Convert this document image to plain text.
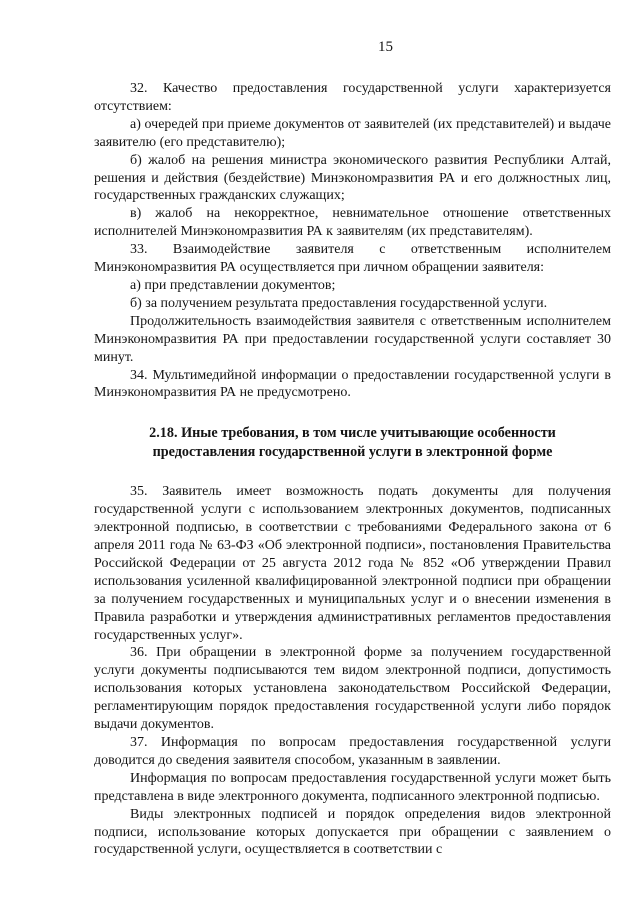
15

32. Качество предоставления государственной услуги характеризуется отсутствием:

а) очередей при приеме документов от заявителей (их представителей) и выдаче заявителю (его представителю);

б) жалоб на решения министра экономического развития Республики Алтай, решения и действия (бездействие) Минэкономразвития РА и его должностных лиц, государственных гражданских служащих;

в) жалоб на некорректное, невнимательное отношение ответственных исполнителей Минэкономразвития РА к заявителям (их представителям).

33. Взаимодействие заявителя с ответственным исполнителем Минэкономразвития РА осуществляется при личном обращении заявителя:

а) при представлении документов;

б) за получением результата предоставления государственной услуги.

Продолжительность взаимодействия заявителя с ответственным исполнителем Минэкономразвития РА при предоставлении государственной услуги составляет 30 минут.

34. Мультимедийной информации о предоставлении государственной услуги в Минэкономразвития РА не предусмотрено.

2.18. Иные требования, в том числе учитывающие особенности
предоставления государственной услуги в электронной форме

35. Заявитель имеет возможность подать документы для получения государственной услуги с использованием электронных документов, подписанных электронной подписью, в соответствии с требованиями Федерального закона от 6 апреля 2011 года № 63-ФЗ «Об электронной подписи», постановления Правительства Российской Федерации от 25 августа 2012 года № 852 «Об утверждении Правил использования усиленной квалифицированной электронной подписи при обращении за получением государственных и муниципальных услуг и о внесении изменения в Правила разработки и утверждения административных регламентов предоставления государственных услуг».

36. При обращении в электронной форме за получением государственной услуги документы подписываются тем видом электронной подписи, допустимость использования которых установлена законодательством Российской Федерации, регламентирующим порядок предоставления государственной услуги либо порядок выдачи документов.

37. Информация по вопросам предоставления государственной услуги доводится до сведения заявителя способом, указанным в заявлении.

Информация по вопросам предоставления государственной услуги может быть представлена в виде электронного документа, подписанного электронной подписью.

Виды электронных подписей и порядок определения видов электронной подписи, использование которых допускается при обращении с заявлением о государственной услуги, осуществляется в соответствии с
